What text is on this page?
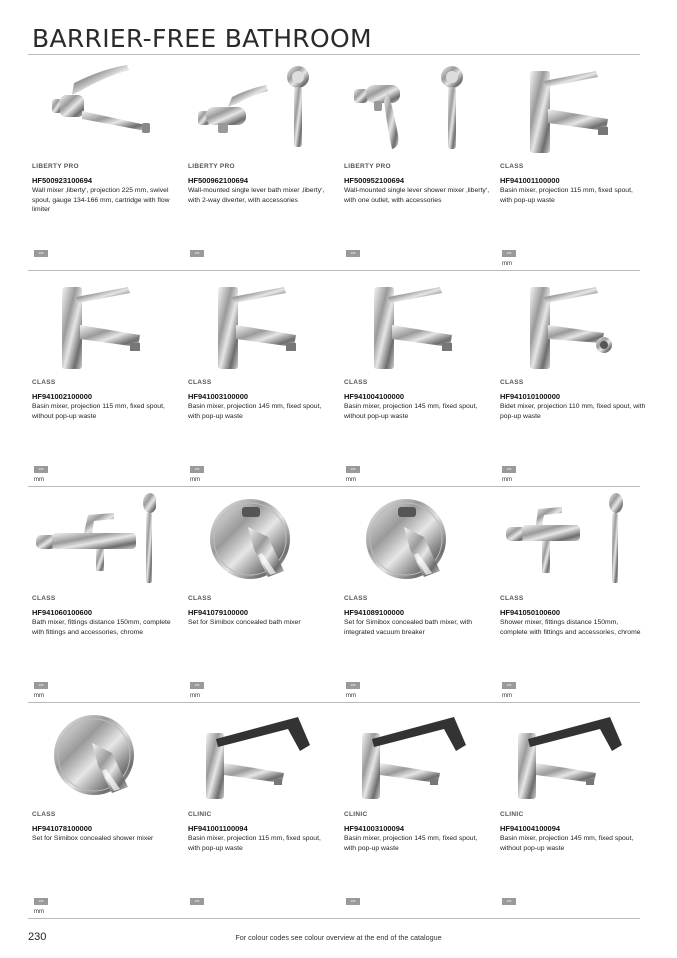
BARRIER-FREE BATHROOM
LIBERTY PRO
HF500923100694
Wall mixer ‚liberty‘, projection 225 mm, swivel spout, gauge 134-166 mm, cartridge with flow limiter
100
LIBERTY PRO
HF500962100694
Wall-mounted single lever bath mixer ‚liberty‘, with 2-way diverter, with accessories
100
LIBERTY PRO
HF500952100694
Wall-mounted single lever shower mixer ‚liberty‘, with one outlet, with accessories
100
CLASS
HF941001100000
Basin mixer, projection 115 mm, fixed spout, with pop-up waste
100
mm
CLASS
HF941002100000
Basin mixer, projection 115 mm, fixed spout, without pop-up waste
100
mm
CLASS
HF941003100000
Basin mixer, projection 145 mm, fixed spout, with pop-up waste
100
mm
CLASS
HF941004100000
Basin mixer, projection 145 mm, fixed spout, without pop-up waste
100
mm
CLASS
HF941010100000
Bidet mixer, projection 110 mm, fixed spout, with pop-up waste
100
mm
CLASS
HF941060100600
Bath mixer, fittings distance 150mm, complete with fittings and accessories, chrome
100
mm
CLASS
HF941079100000
Set for Simibox concealed bath mixer
100
mm
CLASS
HF941089100000
Set for Simibox concealed bath mixer, with integrated vacuum breaker
100
mm
CLASS
HF941050100600
Shower mixer, fittings distance 150mm, complete with fittings and accessories, chrome
100
mm
CLASS
HF941078100000
Set for Simibox concealed shower mixer
100
mm
CLINIC
HF941001100094
Basin mixer, projection 115 mm, fixed spout, with pop-up waste
100
CLINIC
HF941003100094
Basin mixer, projection 145 mm, fixed spout, with pop-up waste
100
CLINIC
HF941004100094
Basin mixer, projection 145 mm, fixed spout, without pop-up waste
100
230	For colour codes see colour overview at the end of the catalogue
